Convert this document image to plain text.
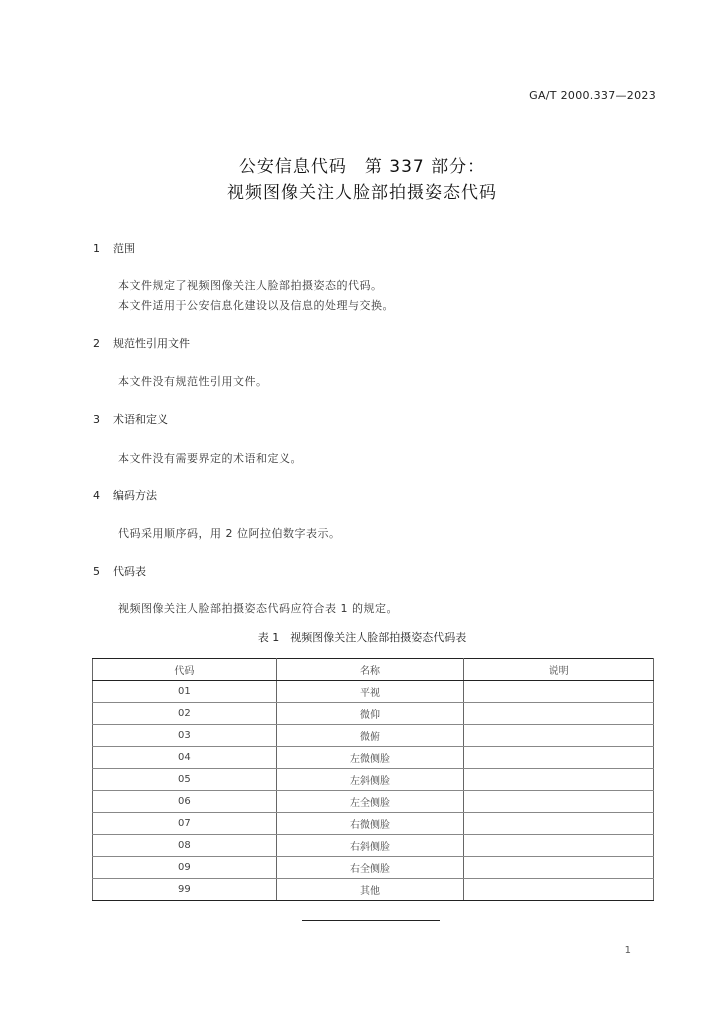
GA/T 2000.337—2023
公安信息代码　第 337 部分：
视频图像关注人脸部拍摄姿态代码
1 范围
本文件规定了视频图像关注人脸部拍摄姿态的代码。
本文件适用于公安信息化建设以及信息的处理与交换。
2 规范性引用文件
本文件没有规范性引用文件。
3 术语和定义
本文件没有需要界定的术语和定义。
4 编码方法
代码采用顺序码，用 2 位阿拉伯数字表示。
5 代码表
视频图像关注人脸部拍摄姿态代码应符合表 1 的规定。
表 1　视频图像关注人脸部拍摄姿态代码表
代码	名称	说明
01	平视	
02	微仰	
03	微俯	
04	左微侧脸	
05	左斜侧脸	
06	左全侧脸	
07	右微侧脸	
08	右斜侧脸	
09	右全侧脸	
99	其他	
1
